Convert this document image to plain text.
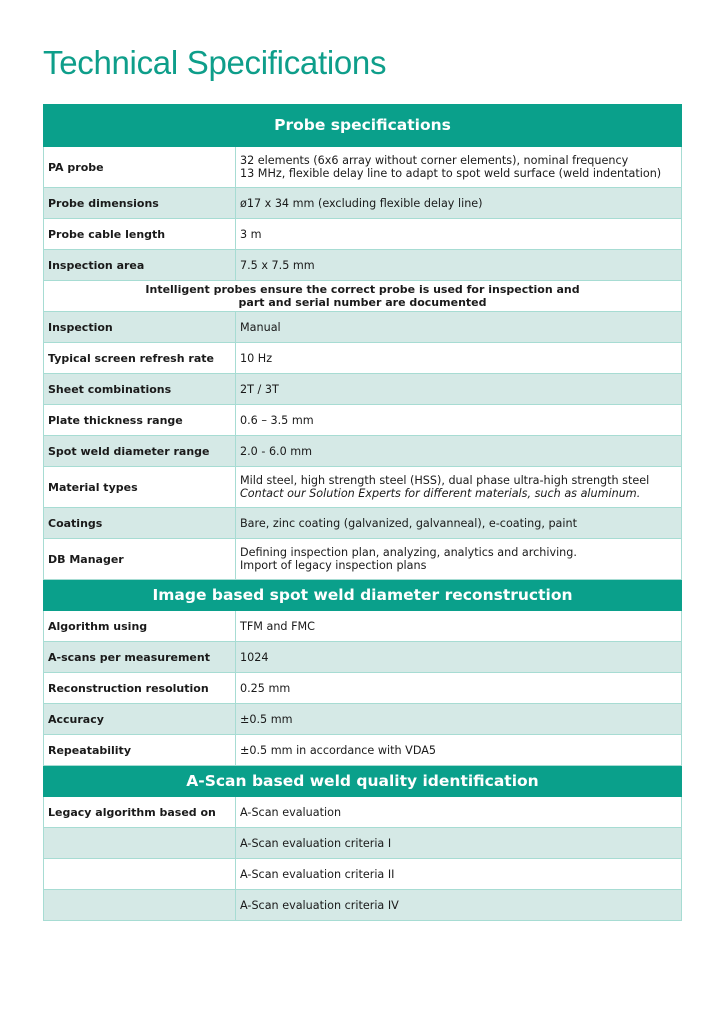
Technical Specifications
Probe specifications	
PA probe	32 elements (6x6 array without corner elements), nominal frequency
13 MHz, flexible delay line to adapt to spot weld surface (weld indentation)

Probe dimensions	ø17 x 34 mm (excluding flexible delay line)
Probe cable length	3 m
Inspection area	7.5 x 7.5 mm

Intelligent probes ensure the correct probe is used for inspection and
part and serial number are documented	

Inspection	Manual
Typical screen refresh rate	10 Hz
Sheet combinations	2T / 3T
Plate thickness range	0.6 – 3.5 mm
Spot weld diameter range	2.0 - 6.0 mm
Material types	Mild steel, high strength steel (HSS), dual phase ultra-high strength steel
Contact our Solution Experts for different materials, such as aluminum.

Coatings	Bare, zinc coating (galvanized, galvanneal), e-coating, paint
DB Manager	Defining inspection plan, analyzing, analytics and archiving.
Import of legacy inspection plans

Image based spot weld diameter reconstruction	
Algorithm using	TFM and FMC
A-scans per measurement	1024
Reconstruction resolution	0.25 mm
Accuracy	±0.5 mm
Repeatability	±0.5 mm in accordance with VDA5
A-Scan based weld quality identification	
Legacy algorithm based on	A-Scan evaluation
	A-Scan evaluation criteria I
	A-Scan evaluation criteria II
	A-Scan evaluation criteria IV
